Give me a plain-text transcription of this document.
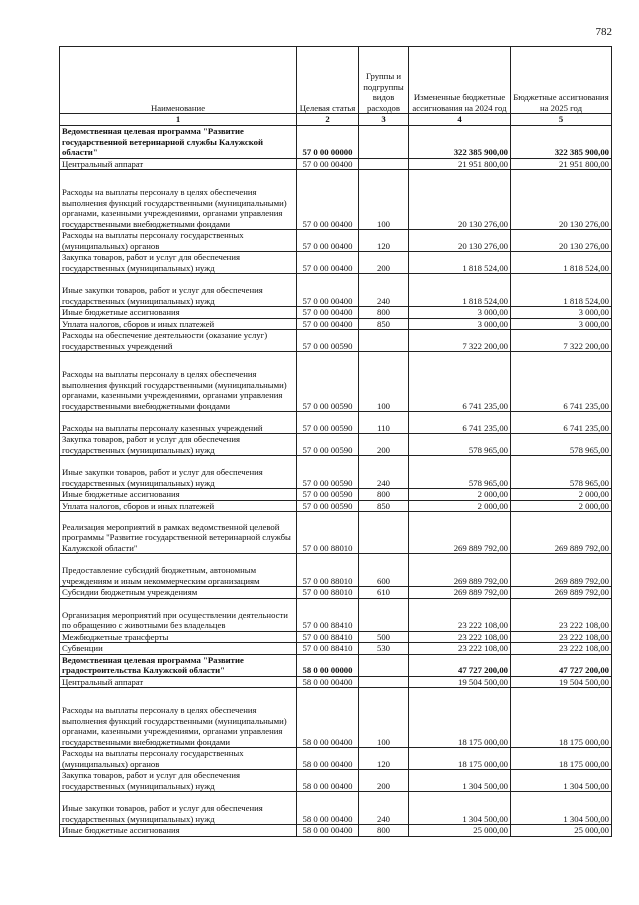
782
Наименование	Целевая статья	Группы и подгруппы видов расходов	Измененные бюджетные ассигнования на 2024 год	Бюджетные ассигнования на 2025 год
1	2	3	4	5
Ведомственная целевая программа "Развитие государственной ветеринарной службы Калужской области"	57 0 00 00000		322 385 900,00	322 385 900,00
Центральный аппарат	57 0 00 00400		21 951 800,00	21 951 800,00
Расходы на выплаты персоналу в целях обеспечения выполнения функций государственными (муниципальными) органами, казенными учреждениями, органами управления государственными внебюджетными фондами	57 0 00 00400	100	20 130 276,00	20 130 276,00
Расходы на выплаты персоналу государственных (муниципальных) органов	57 0 00 00400	120	20 130 276,00	20 130 276,00
Закупка товаров, работ и услуг для обеспечения государственных (муниципальных) нужд	57 0 00 00400	200	1 818 524,00	1 818 524,00
Иные закупки товаров, работ и услуг для обеспечения государственных (муниципальных) нужд	57 0 00 00400	240	1 818 524,00	1 818 524,00
Иные бюджетные ассигнования	57 0 00 00400	800	3 000,00	3 000,00
Уплата налогов, сборов и иных платежей	57 0 00 00400	850	3 000,00	3 000,00
Расходы на обеспечение деятельности (оказание услуг) государственных учреждений	57 0 00 00590		7 322 200,00	7 322 200,00
Расходы на выплаты персоналу в целях обеспечения выполнения функций государственными (муниципальными) органами, казенными учреждениями, органами управления государственными внебюджетными фондами	57 0 00 00590	100	6 741 235,00	6 741 235,00
Расходы на выплаты персоналу казенных учреждений	57 0 00 00590	110	6 741 235,00	6 741 235,00
Закупка товаров, работ и услуг для обеспечения государственных (муниципальных) нужд	57 0 00 00590	200	578 965,00	578 965,00
Иные закупки товаров, работ и услуг для обеспечения государственных (муниципальных) нужд	57 0 00 00590	240	578 965,00	578 965,00
Иные бюджетные ассигнования	57 0 00 00590	800	2 000,00	2 000,00
Уплата налогов, сборов и иных платежей	57 0 00 00590	850	2 000,00	2 000,00
Реализация мероприятий в рамках ведомственной целевой программы "Развитие государственной ветеринарной службы Калужской области"	57 0 00 88010		269 889 792,00	269 889 792,00
Предоставление субсидий бюджетным, автономным учреждениям и иным некоммерческим организациям	57 0 00 88010	600	269 889 792,00	269 889 792,00
Субсидии бюджетным учреждениям	57 0 00 88010	610	269 889 792,00	269 889 792,00
Организация мероприятий при осуществлении деятельности по обращению с животными без владельцев	57 0 00 88410		23 222 108,00	23 222 108,00
Межбюджетные трансферты	57 0 00 88410	500	23 222 108,00	23 222 108,00
Субвенции	57 0 00 88410	530	23 222 108,00	23 222 108,00
Ведомственная целевая программа "Развитие градостроительства Калужской области"	58 0 00 00000		47 727 200,00	47 727 200,00
Центральный аппарат	58 0 00 00400		19 504 500,00	19 504 500,00
Расходы на выплаты персоналу в целях обеспечения выполнения функций государственными (муниципальными) органами, казенными учреждениями, органами управления государственными внебюджетными фондами	58 0 00 00400	100	18 175 000,00	18 175 000,00
Расходы на выплаты персоналу государственных (муниципальных) органов	58 0 00 00400	120	18 175 000,00	18 175 000,00
Закупка товаров, работ и услуг для обеспечения государственных (муниципальных) нужд	58 0 00 00400	200	1 304 500,00	1 304 500,00
Иные закупки товаров, работ и услуг для обеспечения государственных (муниципальных) нужд	58 0 00 00400	240	1 304 500,00	1 304 500,00
Иные бюджетные ассигнования	58 0 00 00400	800	25 000,00	25 000,00
